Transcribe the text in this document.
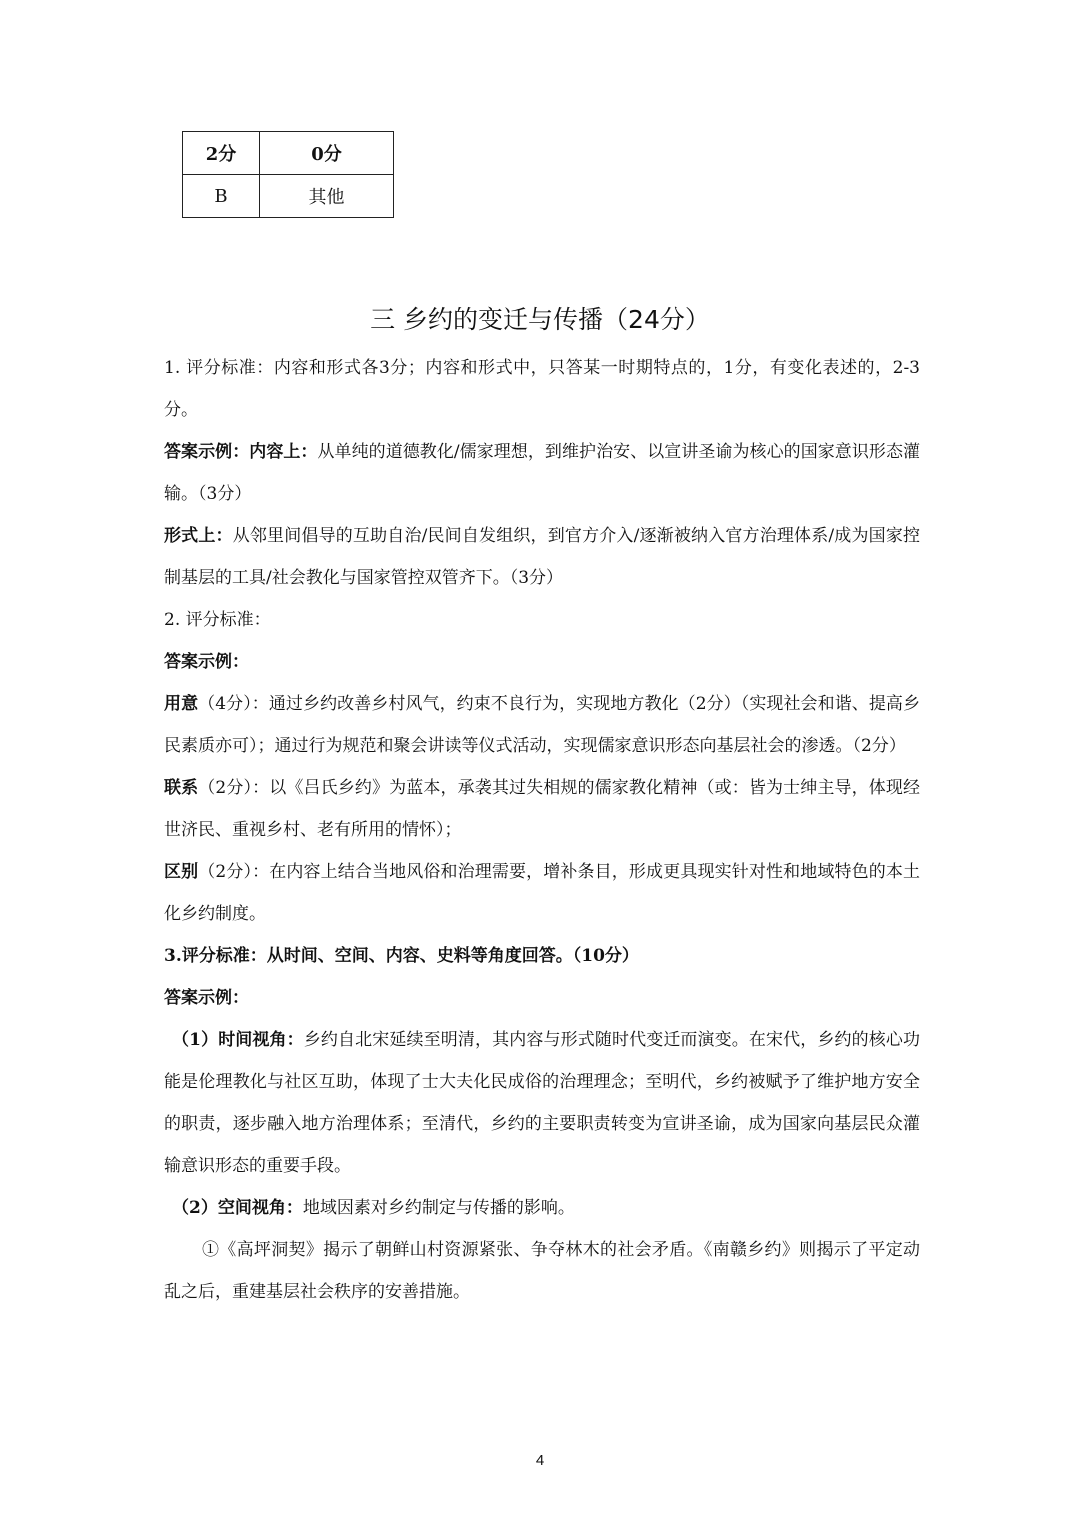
2分	0分
B	其他
三 乡约的变迁与传播（24分）

1. 评分标准：内容和形式各3分；内容和形式中，只答某一时期特点的，1分，有变化表述的，2-3分。

答案示例：内容上：从单纯的道德教化/儒家理想，到维护治安、以宣讲圣谕为核心的国家意识形态灌输。（3分）

形式上：从邻里间倡导的互助自治/民间自发组织，到官方介入/逐渐被纳入官方治理体系/成为国家控制基层的工具/社会教化与国家管控双管齐下。（3分）

2. 评分标准：

答案示例：

用意（4分）：通过乡约改善乡村风气，约束不良行为，实现地方教化（2分）（实现社会和谐、提高乡民素质亦可）；通过行为规范和聚会讲读等仪式活动，实现儒家意识形态向基层社会的渗透。（2分）

联系（2分）：以《吕氏乡约》为蓝本，承袭其过失相规的儒家教化精神（或：皆为士绅主导，体现经世济民、重视乡村、老有所用的情怀）；

区别（2分）：在内容上结合当地风俗和治理需要，增补条目，形成更具现实针对性和地域特色的本土化乡约制度。

3.评分标准：从时间、空间、内容、史料等角度回答。（10分）

答案示例：

（1）时间视角：乡约自北宋延续至明清，其内容与形式随时代变迁而演变。在宋代，乡约的核心功能是伦理教化与社区互助，体现了士大夫化民成俗的治理理念；至明代，乡约被赋予了维护地方安全的职责，逐步融入地方治理体系；至清代，乡约的主要职责转变为宣讲圣谕，成为国家向基层民众灌输意识形态的重要手段。

（2）空间视角：地域因素对乡约制定与传播的影响。

①《高坪洞契》揭示了朝鲜山村资源紧张、争夺林木的社会矛盾。《南赣乡约》则揭示了平定动乱之后，重建基层社会秩序的安善措施。

4
